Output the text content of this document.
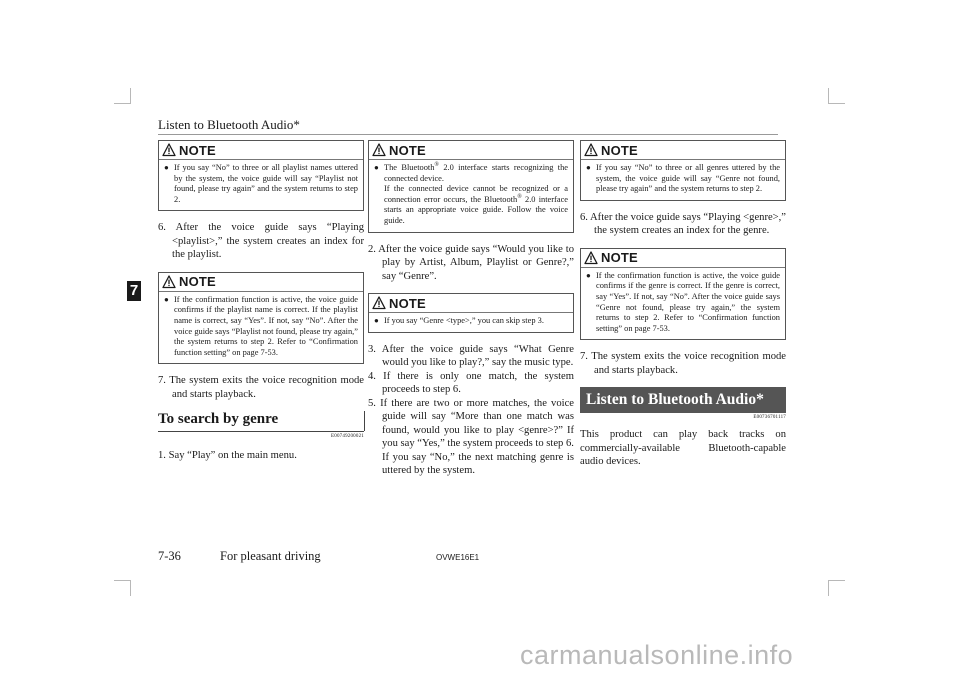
Listen to Bluetooth Audio*
7
NOTE
● If you say “No” to three or all playlist names uttered by the system, the voice guide will say “Playlist not found, please try again” and the system returns to step 2.
6. After the voice guide says “Playing <playlist>,” the system creates an index for the playlist.
NOTE
● If the confirmation function is active, the voice guide confirms if the playlist name is correct. If the playlist name is correct, say “Yes”. If not, say “No”. After the voice guide says “Playlist not found, please try again,” the system returns to step 2. Refer to “Confirmation function setting” on page 7-53.
7. The system exits the voice recognition mode and starts playback.
To search by genre
E00749200021
1. Say “Play” on the main menu.
NOTE
● The Bluetooth® 2.0 interface starts recognizing the connected device.
If the connected device cannot be recognized or a connection error occurs, the Bluetooth® 2.0 interface starts an appropriate voice guide. Follow the voice guide.
2. After the voice guide says “Would you like to play by Artist, Album, Playlist or Genre?,” say “Genre”.
NOTE
● If you say “Genre <type>,” you can skip step 3.
3. After the voice guide says “What Genre would you like to play?,” say the music type.
4. If there is only one match, the system proceeds to step 6.
5. If there are two or more matches, the voice guide will say “More than one match was found, would you like to play <genre>?” If you say “Yes,” the system proceeds to step 6.
If you say “No,” the next matching genre is uttered by the system.
NOTE
● If you say “No” to three or all genres uttered by the system, the voice guide will say “Genre not found, please try again” and the system returns to step 2.
6. After the voice guide says “Playing <genre>,” the system creates an index for the genre.
NOTE
● If the confirmation function is active, the voice guide confirms if the genre is correct. If the genre is correct, say “Yes”. If not, say “No”. After the voice guide says “Genre not found, please try again,” the system returns to step 2. Refer to “Confirmation function setting” on page 7-53.
7. The system exits the voice recognition mode and starts playback.
Listen to Bluetooth Audio*
E00736701117
This product can play back tracks on commercially-available Bluetooth-capable audio devices.
7-36	For pleasant driving	OVWE16E1
carmanualsonline.info
